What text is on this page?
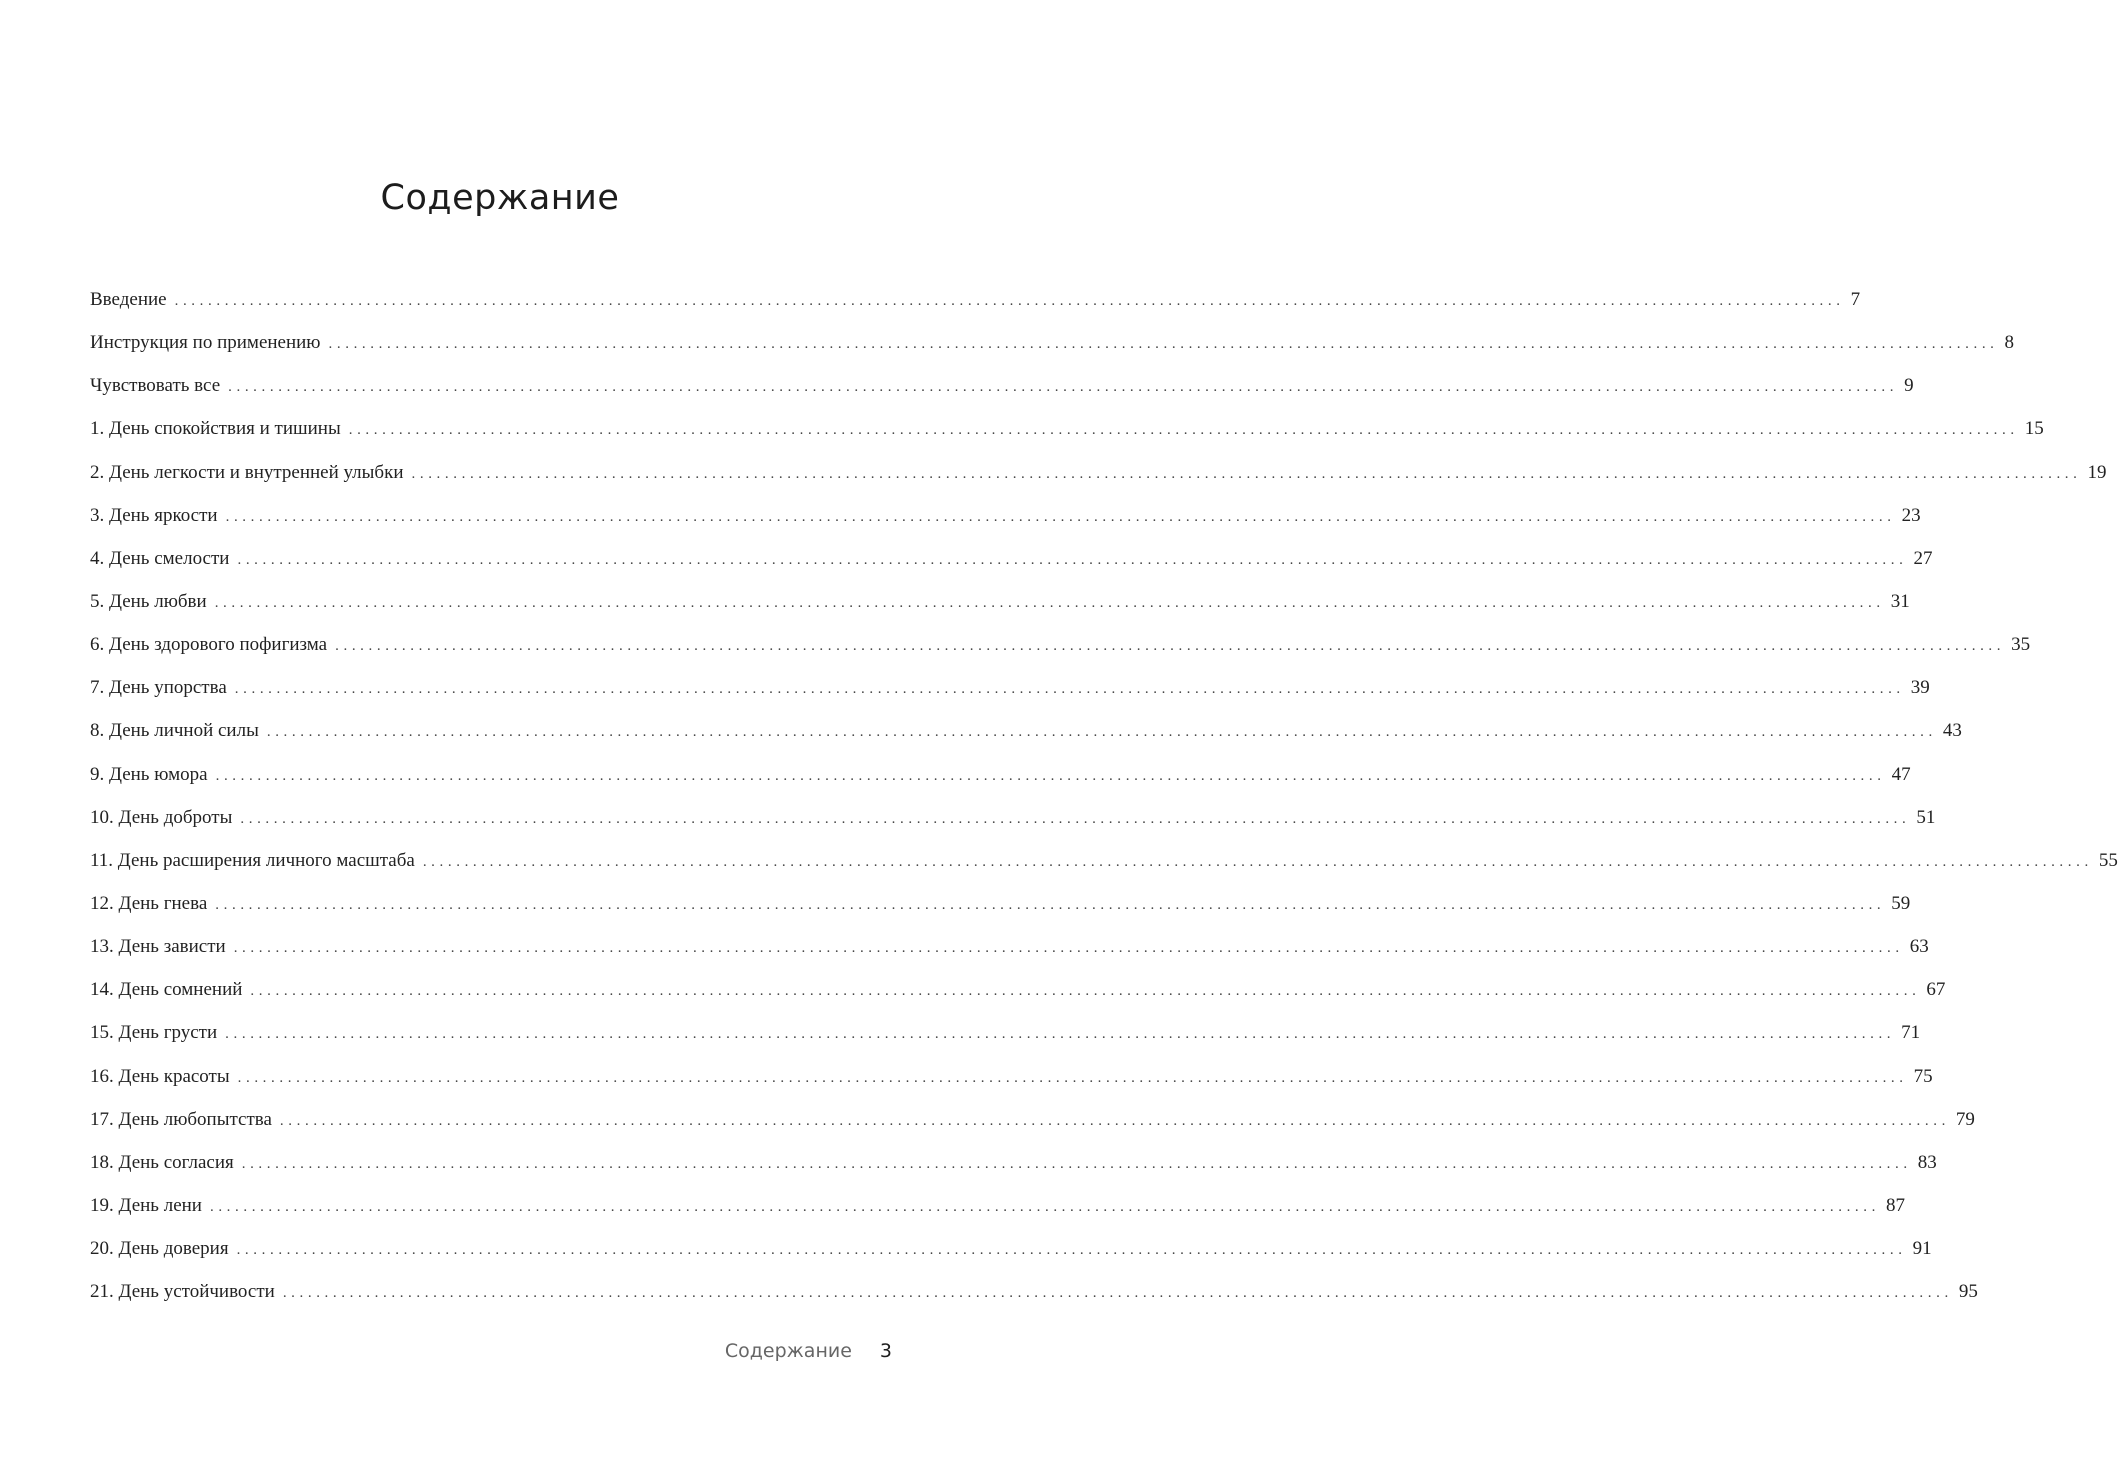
Содержание
Введение ........................................................................................................................................................................................................ 7
Инструкция по применению ........................................................................................................................................................................................................ 8
Чувствовать все ........................................................................................................................................................................................................ 9
1. День спокойствия и тишины ........................................................................................................................................................................................................ 15
2. День легкости и внутренней улыбки ........................................................................................................................................................................................................ 19
3. День яркости ........................................................................................................................................................................................................ 23
4. День смелости ........................................................................................................................................................................................................ 27
5. День любви ........................................................................................................................................................................................................ 31
6. День здорового пофигизма ........................................................................................................................................................................................................ 35
7. День упорства ........................................................................................................................................................................................................ 39
8. День личной силы ........................................................................................................................................................................................................ 43
9. День юмора ........................................................................................................................................................................................................ 47
10. День доброты ........................................................................................................................................................................................................ 51
11. День расширения личного масштаба ........................................................................................................................................................................................................ 55
12. День гнева ........................................................................................................................................................................................................ 59
13. День зависти ........................................................................................................................................................................................................ 63
14. День сомнений ........................................................................................................................................................................................................ 67
15. День грусти ........................................................................................................................................................................................................ 71
16. День красоты ........................................................................................................................................................................................................ 75
17. День любопытства ........................................................................................................................................................................................................ 79
18. День согласия ........................................................................................................................................................................................................ 83
19. День лени ........................................................................................................................................................................................................ 87
20. День доверия ........................................................................................................................................................................................................ 91
21. День устойчивости ........................................................................................................................................................................................................ 95
Содержание 3
